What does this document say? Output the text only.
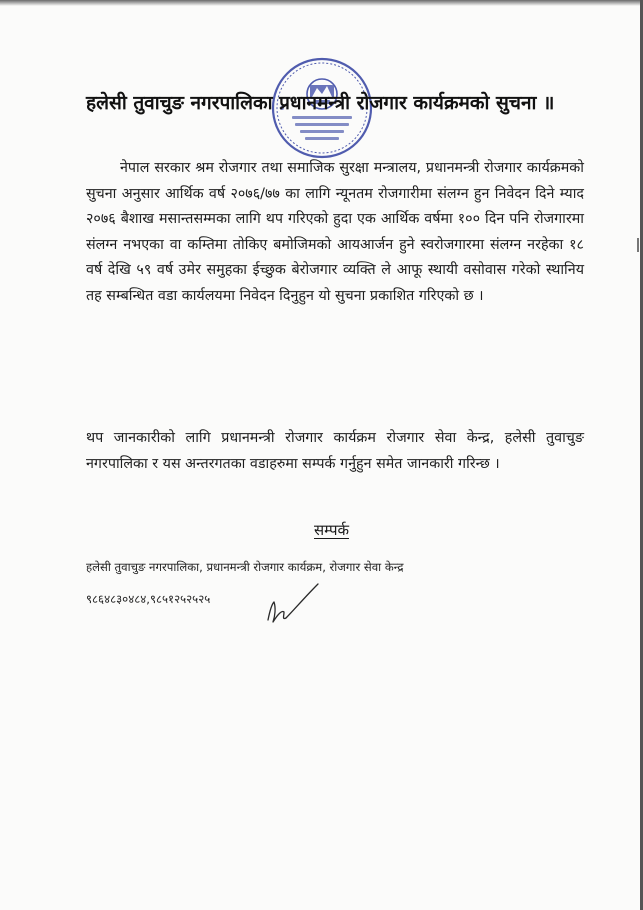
हलेसी तुवाचुङ नगरपालिका प्रधानमन्त्री रोजगार कार्यक्रमको सुचना ॥

नेपाल सरकार श्रम रोजगार तथा समाजिक सुरक्षा मन्त्रालय, प्रधानमन्त्री रोजगार कार्यक्रमको सुचना अनुसार आर्थिक वर्ष २०७६/७७ का लागि न्यूनतम रोजगारीमा संलग्न हुन निवेदन दिने म्याद २०७६ बैशाख मसान्तसम्मका लागि थप गरिएको हुदा एक आर्थिक वर्षमा १०० दिन पनि रोजगारमा संलग्न नभएका वा कम्तिमा तोकिए बमोजिमको आयआर्जन हुने स्वरोजगारमा संलग्न नरहेका १८ वर्ष देखि ५९ वर्ष उमेर समुहका ईच्छुक बेरोजगार व्यक्ति ले आफू स्थायी वसोवास गरेको स्थानिय तह सम्बन्धित वडा कार्यलयमा निवेदन दिनुहुन यो सुचना प्रकाशित गरिएको छ ।

थप जानकारीको लागि प्रधानमन्त्री रोजगार कार्यक्रम रोजगार सेवा केन्द्र, हलेसी तुवाचुङ नगरपालिका र यस अन्तरगतका वडाहरुमा सम्पर्क गर्नुहुन समेत जानकारी गरिन्छ ।

सम्पर्क

हलेसी तुवाचुङ नगरपालिका, प्रधानमन्त्री रोजगार कार्यक्रम, रोजगार सेवा केन्द्र

९८६४८३०४८४,९८५१२५२५२५
